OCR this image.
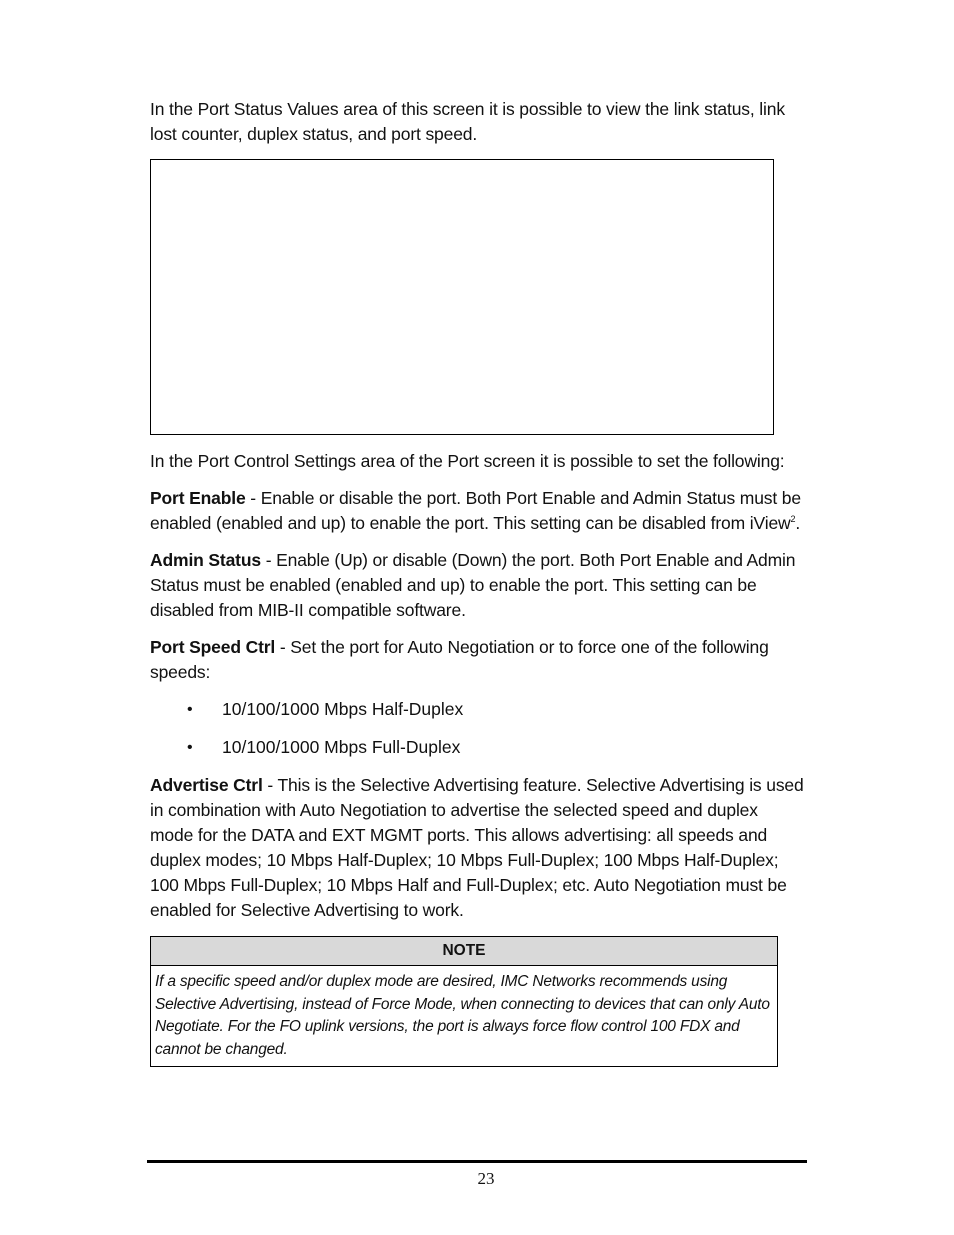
In the Port Status Values area of this screen it is possible to view the link status, link lost counter, duplex status, and port speed.

In the Port Control Settings area of the Port screen it is possible to set the following:

Port Enable - Enable or disable the port. Both Port Enable and Admin Status must be enabled (enabled and up) to enable the port. This setting can be disabled from iView$^2$.

Admin Status - Enable (Up) or disable (Down) the port. Both Port Enable and Admin Status must be enabled (enabled and up) to enable the port. This setting can be disabled from MIB-II compatible software.

Port Speed Ctrl - Set the port for Auto Negotiation or to force one of the following speeds:

• 10/100/1000 Mbps Half-Duplex
• 10/100/1000 Mbps Full-Duplex

Advertise Ctrl - This is the Selective Advertising feature. Selective Advertising is used in combination with Auto Negotiation to advertise the selected speed and duplex mode for the DATA and EXT MGMT ports. This allows advertising: all speeds and duplex modes; 10 Mbps Half-Duplex; 10 Mbps Full-Duplex; 100 Mbps Half-Duplex; 100 Mbps Full-Duplex; 10 Mbps Half and Full-Duplex; etc. Auto Negotiation must be enabled for Selective Advertising to work.

NOTE
If a specific speed and/or duplex mode are desired, IMC Networks recommends using Selective Advertising, instead of Force Mode, when connecting to devices that can only Auto Negotiate. For the FO uplink versions, the port is always force flow control 100 FDX and cannot be changed.
23
